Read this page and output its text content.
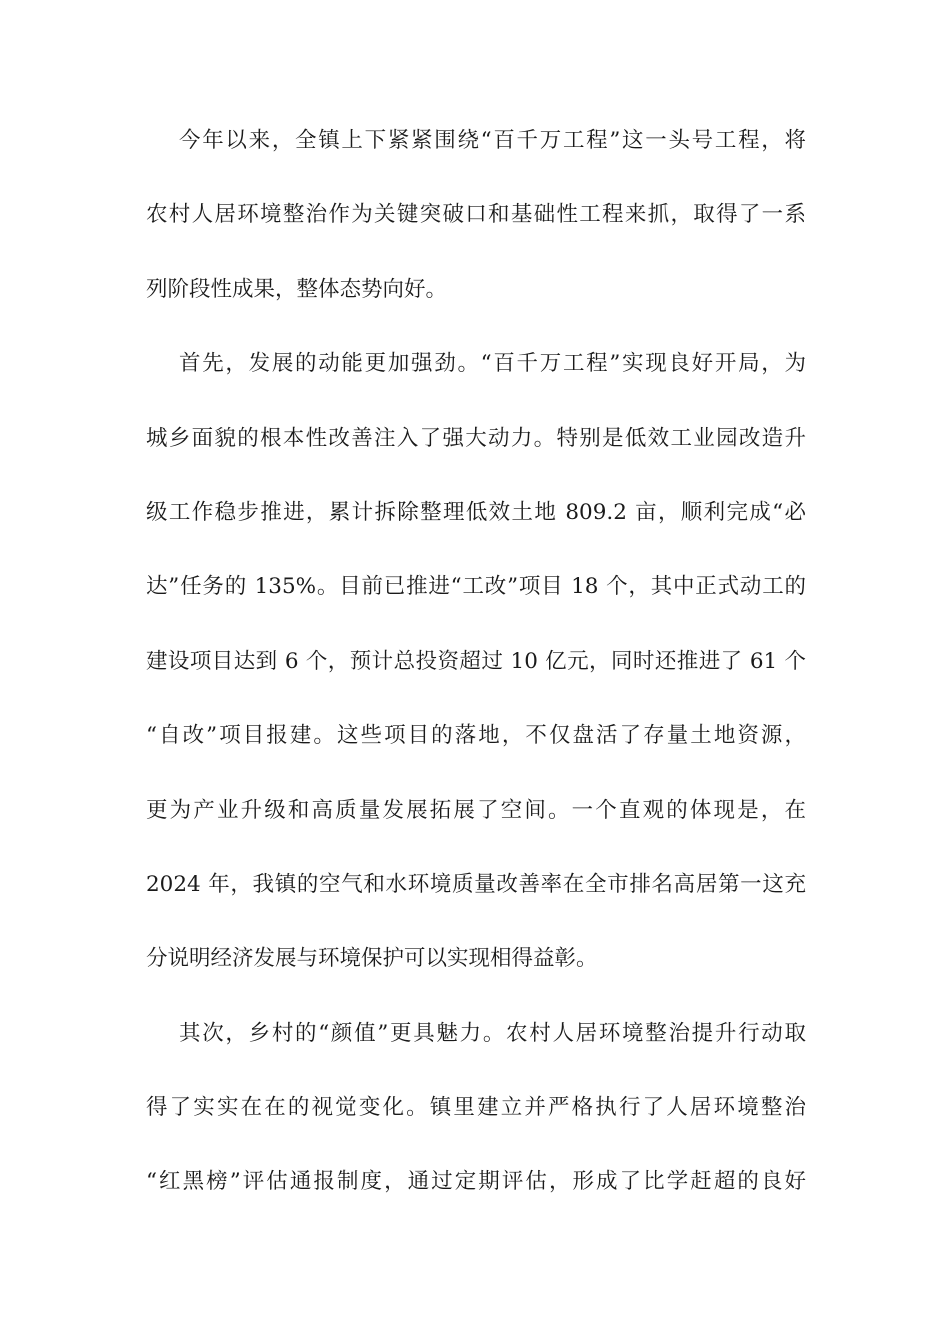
今年以来，全镇上下紧紧围绕“百千万工程”这一头号工程，将
农村人居环境整治作为关键突破口和基础性工程来抓，取得了一系
列阶段性成果，整体态势向好。
首先，发展的动能更加强劲。“百千万工程”实现良好开局，为
城乡面貌的根本性改善注入了强大动力。特别是低效工业园改造升
级工作稳步推进，累计拆除整理低效土地 809.2 亩，顺利完成“必
达”任务的 135%。目前已推进“工改”项目 18 个，其中正式动工的
建设项目达到 6 个，预计总投资超过 10 亿元，同时还推进了 61 个
“自改”项目报建。这些项目的落地，不仅盘活了存量土地资源，
更为产业升级和高质量发展拓展了空间。一个直观的体现是，在
2024 年，我镇的空气和水环境质量改善率在全市排名高居第一这充
分说明经济发展与环境保护可以实现相得益彰。
其次，乡村的“颜值”更具魅力。农村人居环境整治提升行动取
得了实实在在的视觉变化。镇里建立并严格执行了人居环境整治
“红黑榜”评估通报制度，通过定期评估，形成了比学赶超的良好
